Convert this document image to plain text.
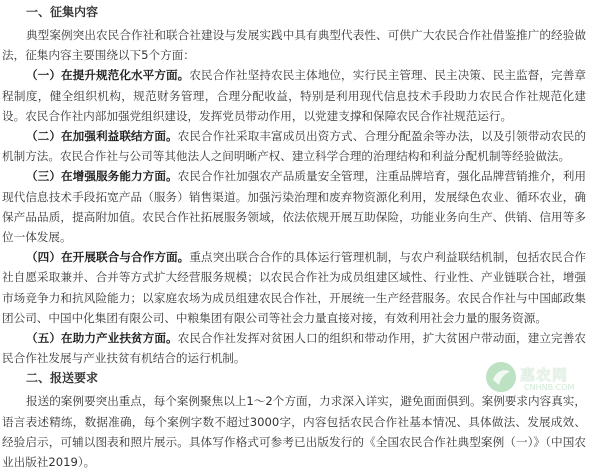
一、征集内容

典型案例突出农民合作社和联合社建设与发展实践中具有典型代表性、可供广大农民合作社借鉴推广的经验做法，征集内容主要围绕以下5个方面：

（一）在提升规范化水平方面。农民合作社坚持农民主体地位，实行民主管理、民主决策、民主监督，完善章程制度，健全组织机构，规范财务管理，合理分配收益，特别是利用现代信息技术手段助力农民合作社规范化建设。农民合作社内部加强党组织建设，发挥党员带动作用，以党建支撑和保障农民合作社规范运行。

（二）在加强利益联结方面。农民合作社采取丰富成员出资方式、合理分配盈余等办法，以及引领带动农民的机制方法。农民合作社与公司等其他法人之间明晰产权、建立科学合理的治理结构和利益分配机制等经验做法。

（三）在增强服务能力方面。农民合作社加强农产品质量安全管理，注重品牌培育，强化品牌营销推介，利用现代信息技术手段拓宽产品（服务）销售渠道。加强污染治理和废弃物资源化利用，发展绿色农业、循环农业，确保产品品质，提高附加值。农民合作社拓展服务领域，依法依规开展互助保险，功能业务向生产、供销、信用等多位一体发展。

（四）在开展联合与合作方面。重点突出联合合作的具体运行管理机制，与农户利益联结机制，包括农民合作社自愿采取兼并、合并等方式扩大经营服务规模；以农民合作社为成员组建区域性、行业性、产业链联合社，增强市场竞争力和抗风险能力；以家庭农场为成员组建农民合作社，开展统一生产经营服务。农民合作社与中国邮政集团公司、中国中化集团有限公司、中粮集团有限公司等社会力量直接对接，有效利用社会力量的服务资源。

（五）在助力产业扶贫方面。农民合作社发挥对贫困人口的组织和带动作用，扩大贫困户带动面，建立完善农民合作社发展与产业扶贫有机结合的运行机制。

二、报送要求

报送的案例要突出重点，每个案例聚焦以上1～2个方面，力求深入详实，避免面面俱到。案例要求内容真实，语言表述精练，数据准确，每个案例字数不超过3000字，内容包括农民合作社基本情况、具体做法、发展成效、经验启示，可辅以图表和照片展示。具体写作格式可参考已出版发行的《全国农民合作社典型案例（一）》（中国农业出版社2019）。

惠农网
CNHNB.COM
